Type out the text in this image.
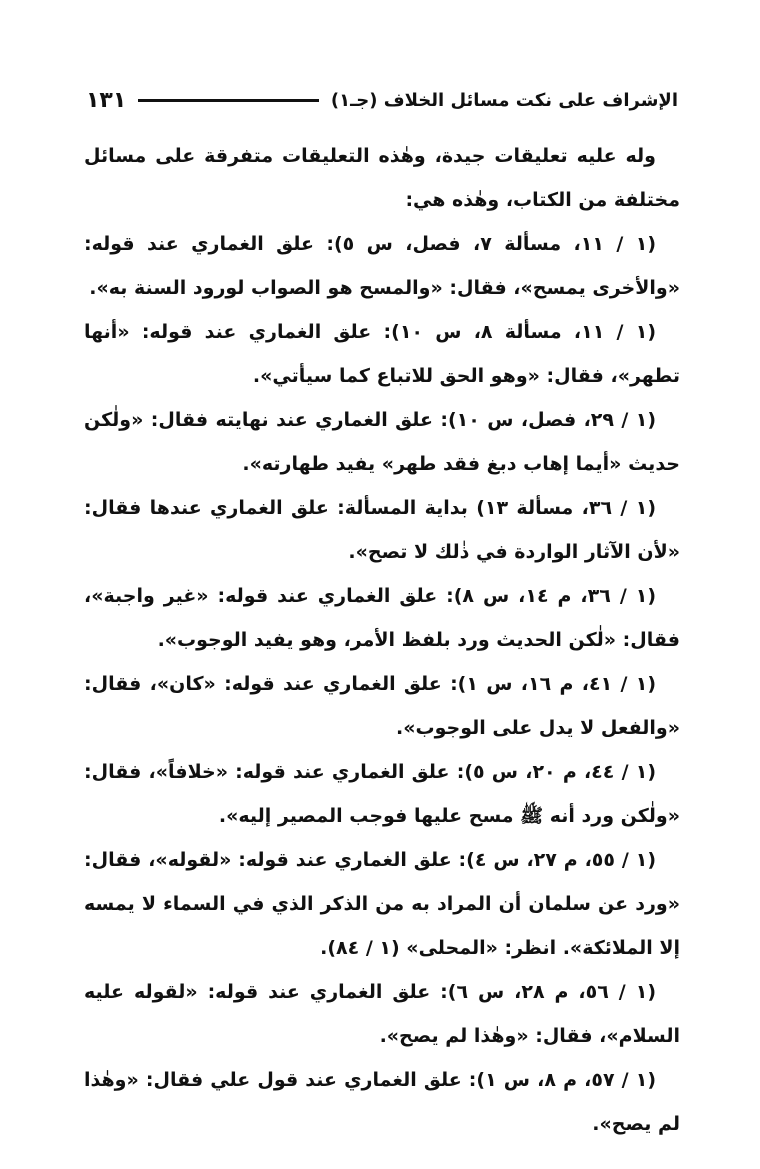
الإشراف على نكت مسائل الخلاف (جـ١)
١٣١

وله عليه تعليقات جيدة، وهٰذه التعليقات متفرقة على مسائل مختلفة من الكتاب، وهٰذه هي:

(١ / ١١، مسألة ٧، فصل، س ٥): علق الغماري عند قوله: «والأخرى يمسح»، فقال: «والمسح هو الصواب لورود السنة به».

(١ / ١١، مسألة ٨، س ١٠): علق الغماري عند قوله: «أنها تطهر»، فقال: «وهو الحق للاتباع كما سيأتي».

(١ / ٢٩، فصل، س ١٠): علق الغماري عند نهايته فقال: «ولٰكن حديث «أيما إهاب دبغ فقد طهر» يفيد طهارته».

(١ / ٣٦، مسألة ١٣) بداية المسألة: علق الغماري عندها فقال: «لأن الآثار الواردة في ذٰلك لا تصح».

(١ / ٣٦، م ١٤، س ٨): علق الغماري عند قوله: «غير واجبة»، فقال: «لٰكن الحديث ورد بلفظ الأمر، وهو يفيد الوجوب».

(١ / ٤١، م ١٦، س ١): علق الغماري عند قوله: «كان»، فقال: «والفعل لا يدل على الوجوب».

(١ / ٤٤، م ٢٠، س ٥): علق الغماري عند قوله: «خلافاً»، فقال: «ولٰكن ورد أنه ﷺ مسح عليها فوجب المصير إليه».

(١ / ٥٥، م ٢٧، س ٤): علق الغماري عند قوله: «لقوله»، فقال: «ورد عن سلمان أن المراد به من الذكر الذي في السماء لا يمسه إلا الملائكة». انظر: «المحلى» (١ / ٨٤).

(١ / ٥٦، م ٢٨، س ٦): علق الغماري عند قوله: «لقوله عليه السلام»، فقال: «وهٰذا لم يصح».

(١ / ٥٧، م ٨، س ١): علق الغماري عند قول علي فقال: «وهٰذا لم يصح».
